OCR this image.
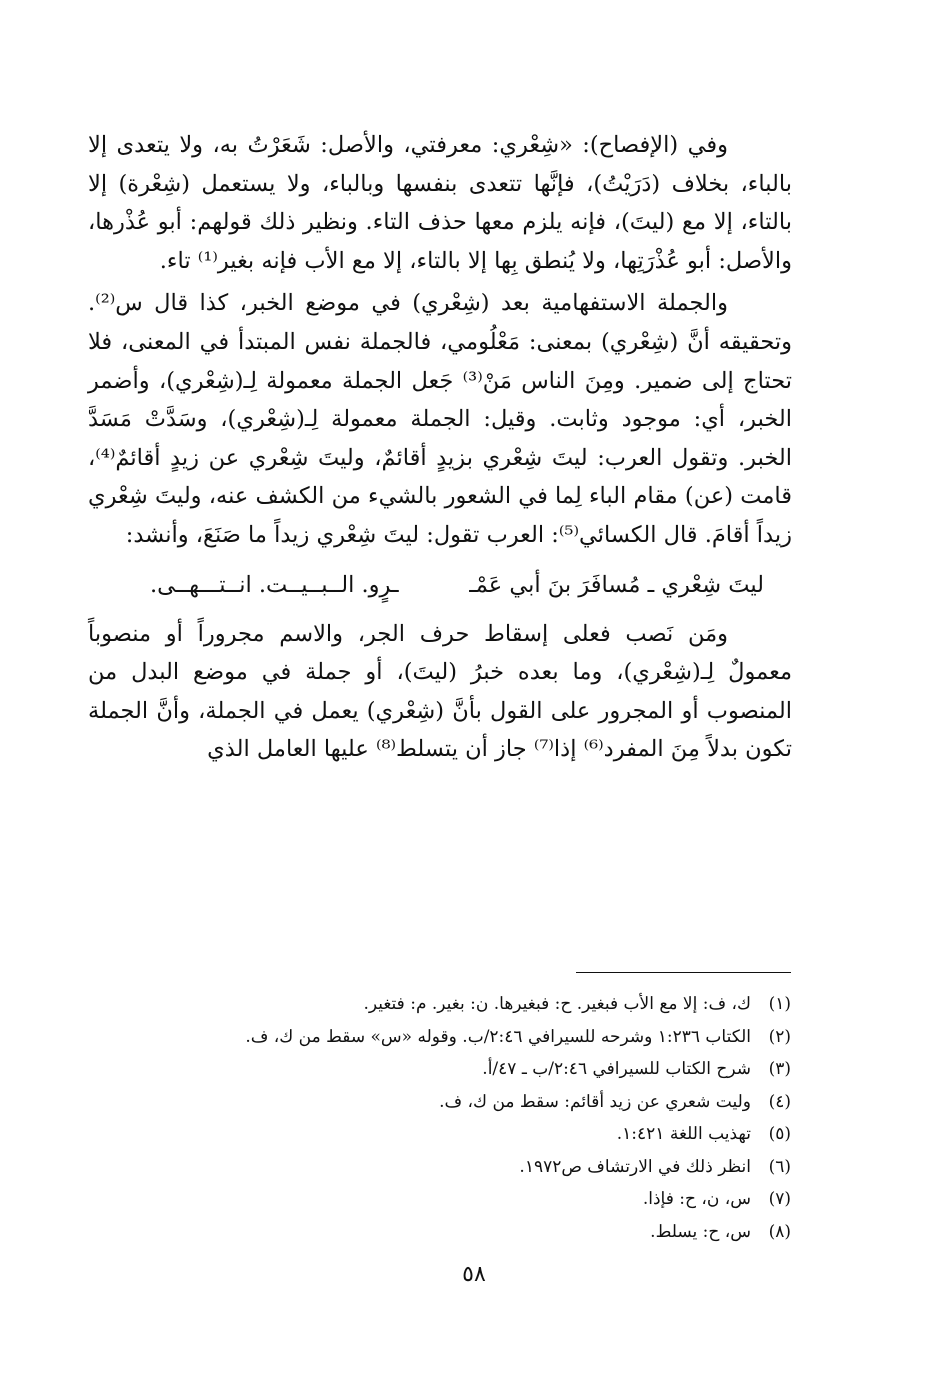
وفي (الإفصاح): «شِعْري: معرفتي، والأصل: شَعَرْتُ به، ولا يتعدى إلا بالباء، بخلاف (دَرَيْتُ)، فإنَّها تتعدى بنفسها وبالباء، ولا يستعمل (شِعْرة) إلا بالتاء، إلا مع (ليتَ)، فإنه يلزم معها حذف التاء. ونظير ذلك قولهم: أبو عُذْرها، والأصل: أبو عُذْرَتِها، ولا يُنطق بِها إلا بالتاء، إلا مع الأب فإنه بغير⁽¹⁾ تاء.

والجملة الاستفهامية بعد (شِعْري) في موضع الخبر، كذا قال س⁽²⁾. وتحقيقه أنَّ (شِعْري) بمعنى: مَعْلُومي، فالجملة نفس المبتدأ في المعنى، فلا تحتاج إلى ضمير. ومِنَ الناس مَنْ⁽³⁾ جَعل الجملة معمولة لِـ(شِعْري)، وأضمر الخبر، أي: موجود وثابت. وقيل: الجملة معمولة لِـ(شِعْري)، وسَدَّتْ مَسَدَّ الخبر. وتقول العرب: ليتَ شِعْري بزيدٍ أقائمٌ، وليتَ شِعْري عن زيدٍ أقائمٌ⁽⁴⁾، قامت (عن) مقام الباء لِما في الشعور بالشيء من الكشف عنه، وليتَ شِعْري زيداً أقامَ. قال الكسائي⁽⁵⁾: العرب تقول: ليتَ شِعْري زيداً ما صَنَعَ، وأنشد:

ليتَ شِعْري ـ مُسافَرَ بنَ أبي عَمْـ
ـرٍو. الــبــيــت. انــتـــهــى.

ومَن نَصب فعلى إسقاط حرف الجر، والاسم مجروراً أو منصوباً معمولٌ لِـ(شِعْري)، وما بعده خبرُ (ليتَ)، أو جملة في موضع البدل من المنصوب أو المجرور على القول بأنَّ (شِعْري) يعمل في الجملة، وأنَّ الجملة تكون بدلاً مِنَ المفرد⁽⁶⁾ إذا⁽⁷⁾ جاز أن يتسلط⁽⁸⁾ عليها العامل الذي

(١)
ك، ف: إلا مع الأب فبغير. ح: فبغيرها. ن: بغير. م: فتغير.
(٢)
الكتاب ١:٢٣٦ وشرحه للسيرافي ٢:٤٦/ب. وقوله «س» سقط من ك، ف.
(٣)
شرح الكتاب للسيرافي ٢:٤٦/ب ـ ٤٧/أ.
(٤)
وليت شعري عن زيد أقائم: سقط من ك، ف.
(٥)
تهذيب اللغة ١:٤٢١.
(٦)
انظر ذلك في الارتشاف ص١٩٧٢.
(٧)
س، ن، ح: فإذا.
(٨)
س، ح: يسلط.
٥٨
